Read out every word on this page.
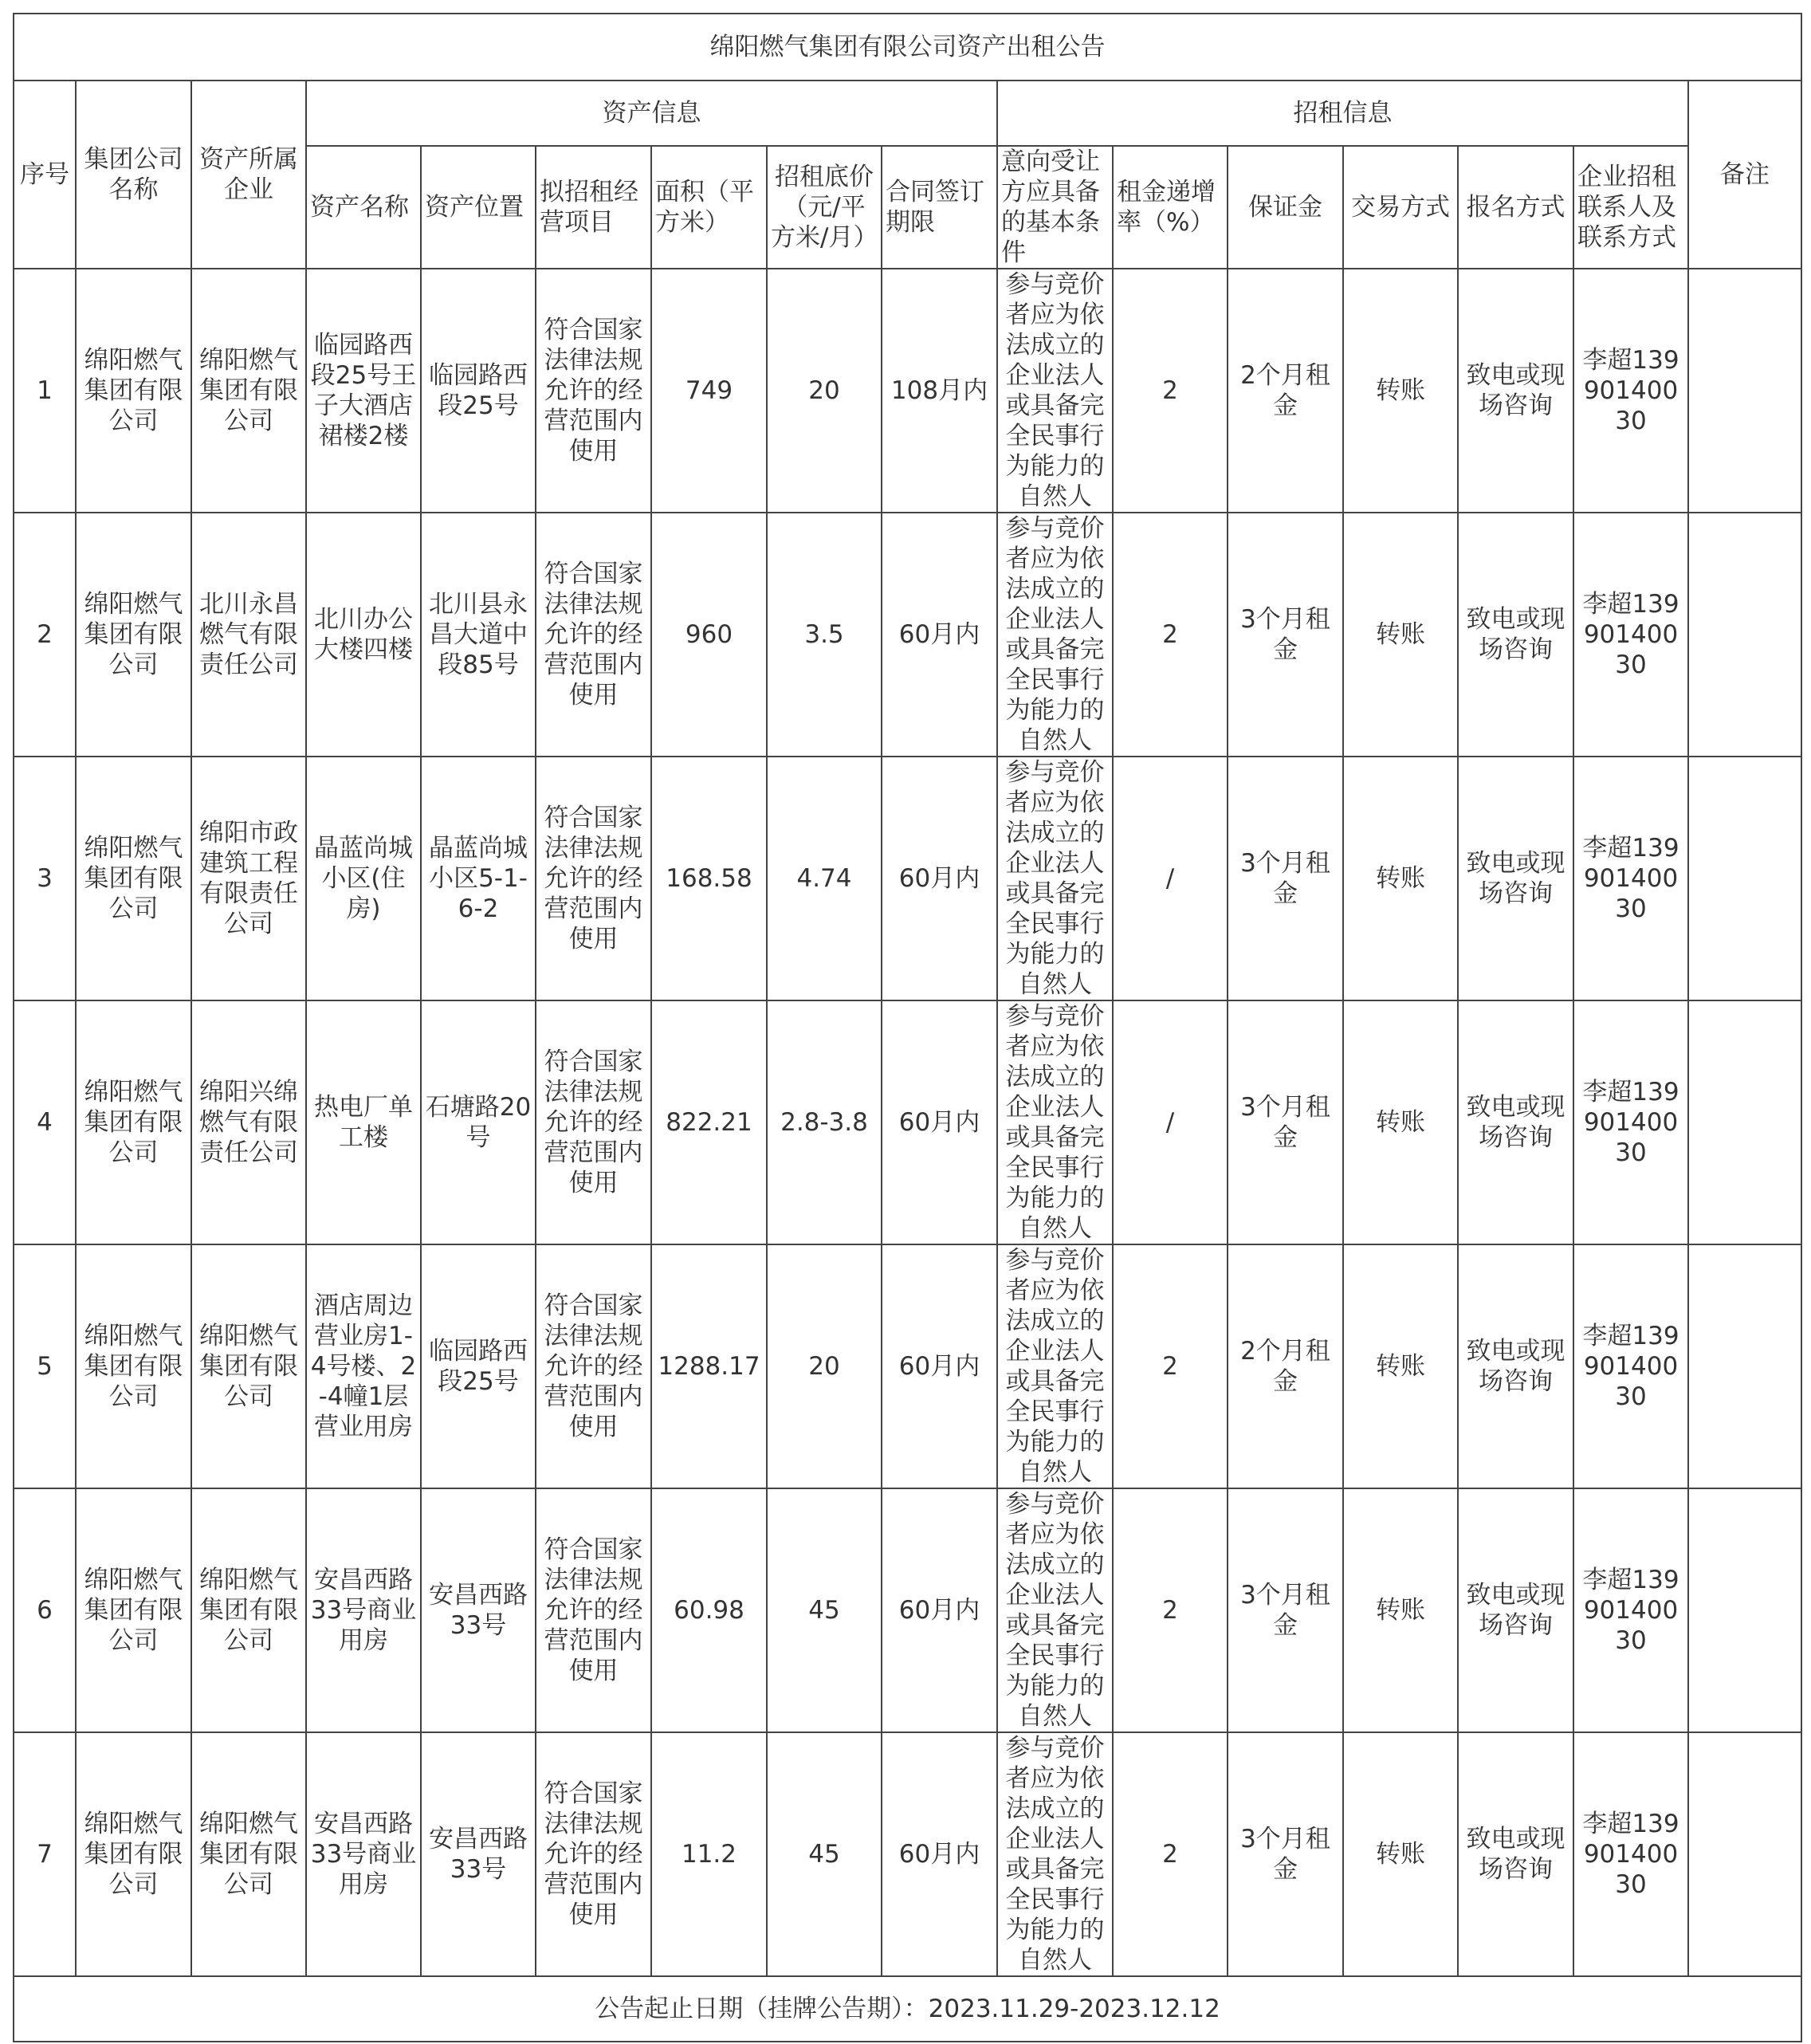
绵阳燃气集团有限公司资产出租公告															
序号	集团公司名称	资产所属企业	资产信息						招租信息						备注
			资产名称	资产位置	拟招租经营项目	面积（平方米）	招租底价（元/平方米/月）	合同签订期限	意向受让方应具备的基本条件	租金递增率（%）	保证金	交易方式	报名方式	企业招租联系人及联系方式	
1	绵阳燃气集团有限公司	绵阳燃气集团有限公司	临园路西段25号王子大酒店裙楼2楼	临园路西段25号	符合国家法律法规允许的经营范围内使用	749	20	108月内	参与竞价者应为依法成立的企业法人或具备完全民事行为能力的自然人	2	2个月租金	转账	致电或现场咨询	李超13990140030	
2	绵阳燃气集团有限公司	北川永昌燃气有限责任公司	北川办公大楼四楼	北川县永昌大道中段85号	符合国家法律法规允许的经营范围内使用	960	3.5	60月内	参与竞价者应为依法成立的企业法人或具备完全民事行为能力的自然人	2	3个月租金	转账	致电或现场咨询	李超13990140030	
3	绵阳燃气集团有限公司	绵阳市政建筑工程有限责任公司	晶蓝尚城小区(住房)	晶蓝尚城小区5-1-6-2	符合国家法律法规允许的经营范围内使用	168.58	4.74	60月内	参与竞价者应为依法成立的企业法人或具备完全民事行为能力的自然人	/	3个月租金	转账	致电或现场咨询	李超13990140030	
4	绵阳燃气集团有限公司	绵阳兴绵燃气有限责任公司	热电厂单工楼	石塘路20号	符合国家法律法规允许的经营范围内使用	822.21	2.8-3.8	60月内	参与竞价者应为依法成立的企业法人或具备完全民事行为能力的自然人	/	3个月租金	转账	致电或现场咨询	李超13990140030	
5	绵阳燃气集团有限公司	绵阳燃气集团有限公司	酒店周边营业房1-4号楼、2-4幢1层营业用房	临园路西段25号	符合国家法律法规允许的经营范围内使用	1288.17	20	60月内	参与竞价者应为依法成立的企业法人或具备完全民事行为能力的自然人	2	2个月租金	转账	致电或现场咨询	李超13990140030	
6	绵阳燃气集团有限公司	绵阳燃气集团有限公司	安昌西路33号商业用房	安昌西路33号	符合国家法律法规允许的经营范围内使用	60.98	45	60月内	参与竞价者应为依法成立的企业法人或具备完全民事行为能力的自然人	2	3个月租金	转账	致电或现场咨询	李超13990140030	
7	绵阳燃气集团有限公司	绵阳燃气集团有限公司	安昌西路33号商业用房	安昌西路33号	符合国家法律法规允许的经营范围内使用	11.2	45	60月内	参与竞价者应为依法成立的企业法人或具备完全民事行为能力的自然人	2	3个月租金	转账	致电或现场咨询	李超13990140030	
公告起止日期（挂牌公告期）：2023.11.29-2023.12.12															
